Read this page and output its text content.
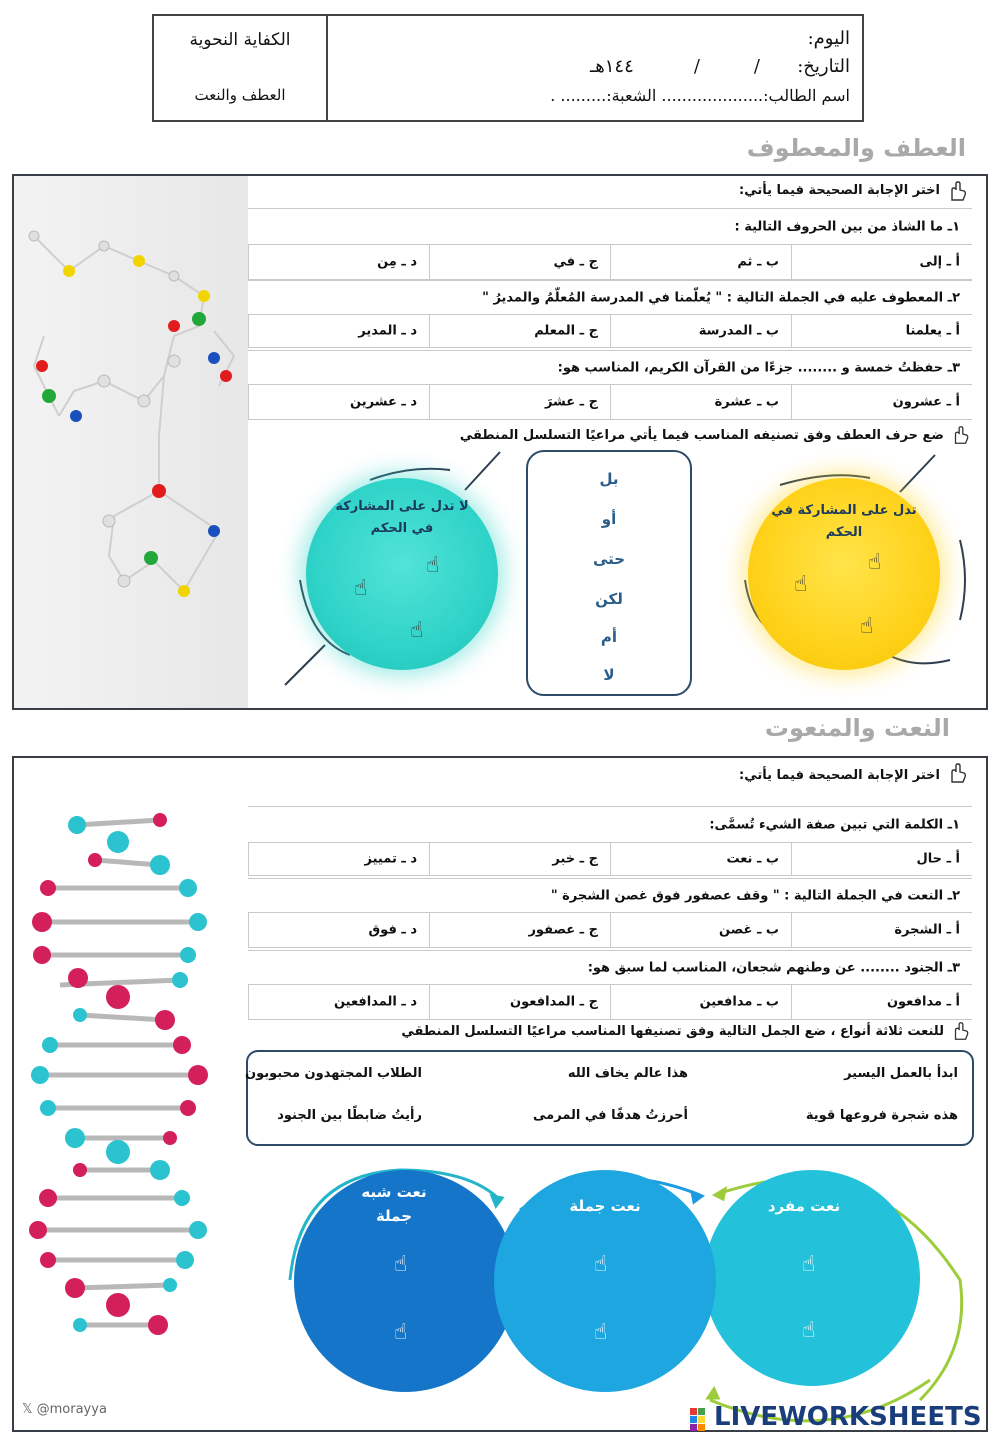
اليوم:
التاريخ:
/
/
١٤٤هـ
اسم الطالب:.................... الشعبة:......... .
الكفاية النحوية
العطف والنعت
العطف والمعطوف
اختر الإجابة الصحيحة فيما يأتي:
١ـ ما الشاذ من بين الحروف التالية :
أ ـ إلى
ب ـ ثم
ج ـ في
د ـ مِن
٢ـ المعطوف عليه في الجملة التالية : " يُعلّمنا في المدرسة المُعلّمُ والمديرُ "
أ ـ يعلمنا
ب ـ المدرسة
ج ـ المعلم
د ـ المدير
٣ـ حفظتُ خمسة و ........ جزءًا من القرآن الكريم، المناسب هو:
أ ـ عشرون
ب ـ عشرة
ج ـ عشرَ
د ـ عشرين
ضع حرف العطف وفق تصنيفه المناسب فيما يأتي مراعيًا التسلسل المنطقي
لا تدل على المشاركة في الحكم
☝
☝
☝
بل
أو
حتى
لكن
أم
لا
تدل على المشاركة في الحكم
☝
☝
☝
النعت والمنعوت
اختر الإجابة الصحيحة فيما يأتي:
١ـ الكلمة التي تبين صفة الشيء تُسمَّى:
أ ـ حال
ب ـ نعت
ج ـ خبر
د ـ تمييز
٢ـ النعت في الجملة التالية : " وقف عصفور فوق غصن الشجرة "
أ ـ الشجرة
ب ـ غصن
ج ـ عصفور
د ـ فوق
٣ـ الجنود ........ عن وطنهم شجعان، المناسب لما سبق هو:
أ ـ مدافعون
ب ـ مدافعين
ج ـ المدافعون
د ـ المدافعين
للنعت ثلاثة أنواع ، ضع الجمل التالية وفق تصنيفها المناسب مراعيًا التسلسل المنطقي
ابدأ بالعمل اليسير
هذا عالم يخاف الله
الطلاب المجتهدون محبوبون
هذه شجرة فروعها قوية
أحرزتُ هدفًا في المرمى
رأيتُ ضابطًا بين الجنود
نعت شبه جملة
☝
☝
نعت مفرد
☝
☝
نعت جملة
☝
☝
𝕏 @morayya	LIVEWORKSHEETS
